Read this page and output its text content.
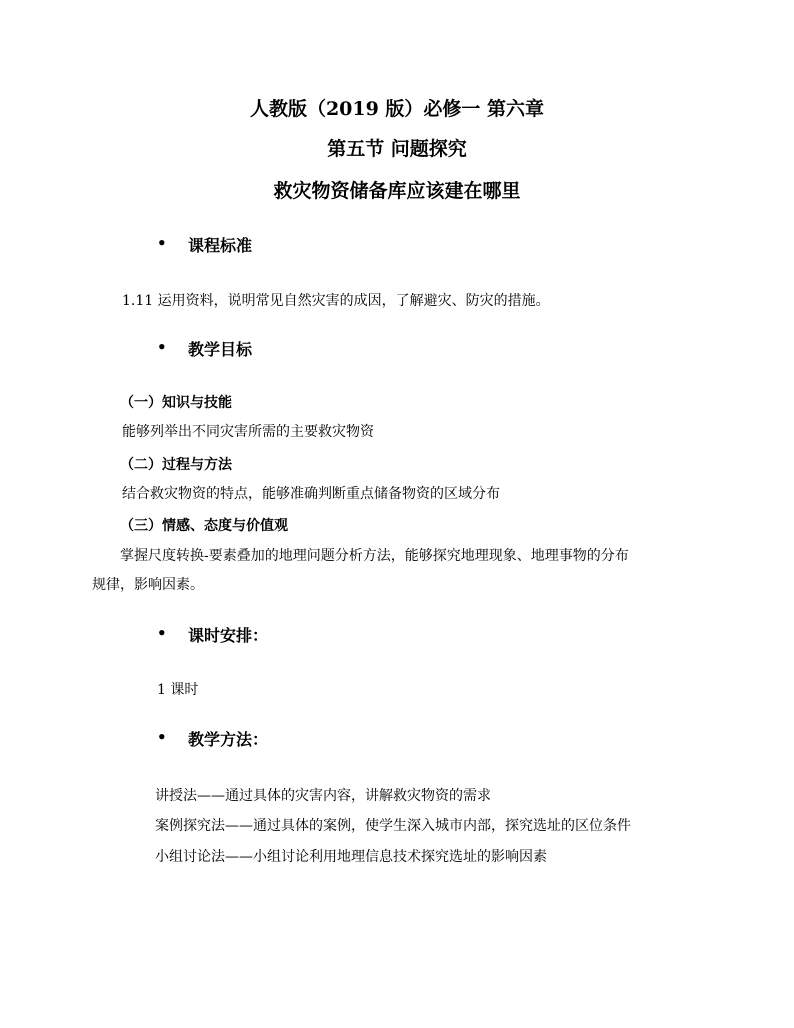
人教版（2019 版）必修一 第六章
第五节 问题探究
救灾物资储备库应该建在哪里
• 课程标准
1.11 运用资料，说明常见自然灾害的成因，了解避灾、防灾的措施。
• 教学目标
（一）知识与技能
能够列举出不同灾害所需的主要救灾物资
（二）过程与方法
结合救灾物资的特点，能够准确判断重点储备物资的区域分布
（三）情感、态度与价值观
掌握尺度转换-要素叠加的地理问题分析方法，能够探究地理现象、地理事物的分布
规律，影响因素。
• 课时安排：
1 课时
• 教学方法：
讲授法——通过具体的灾害内容，讲解救灾物资的需求
案例探究法——通过具体的案例，使学生深入城市内部，探究选址的区位条件
小组讨论法——小组讨论利用地理信息技术探究选址的影响因素
